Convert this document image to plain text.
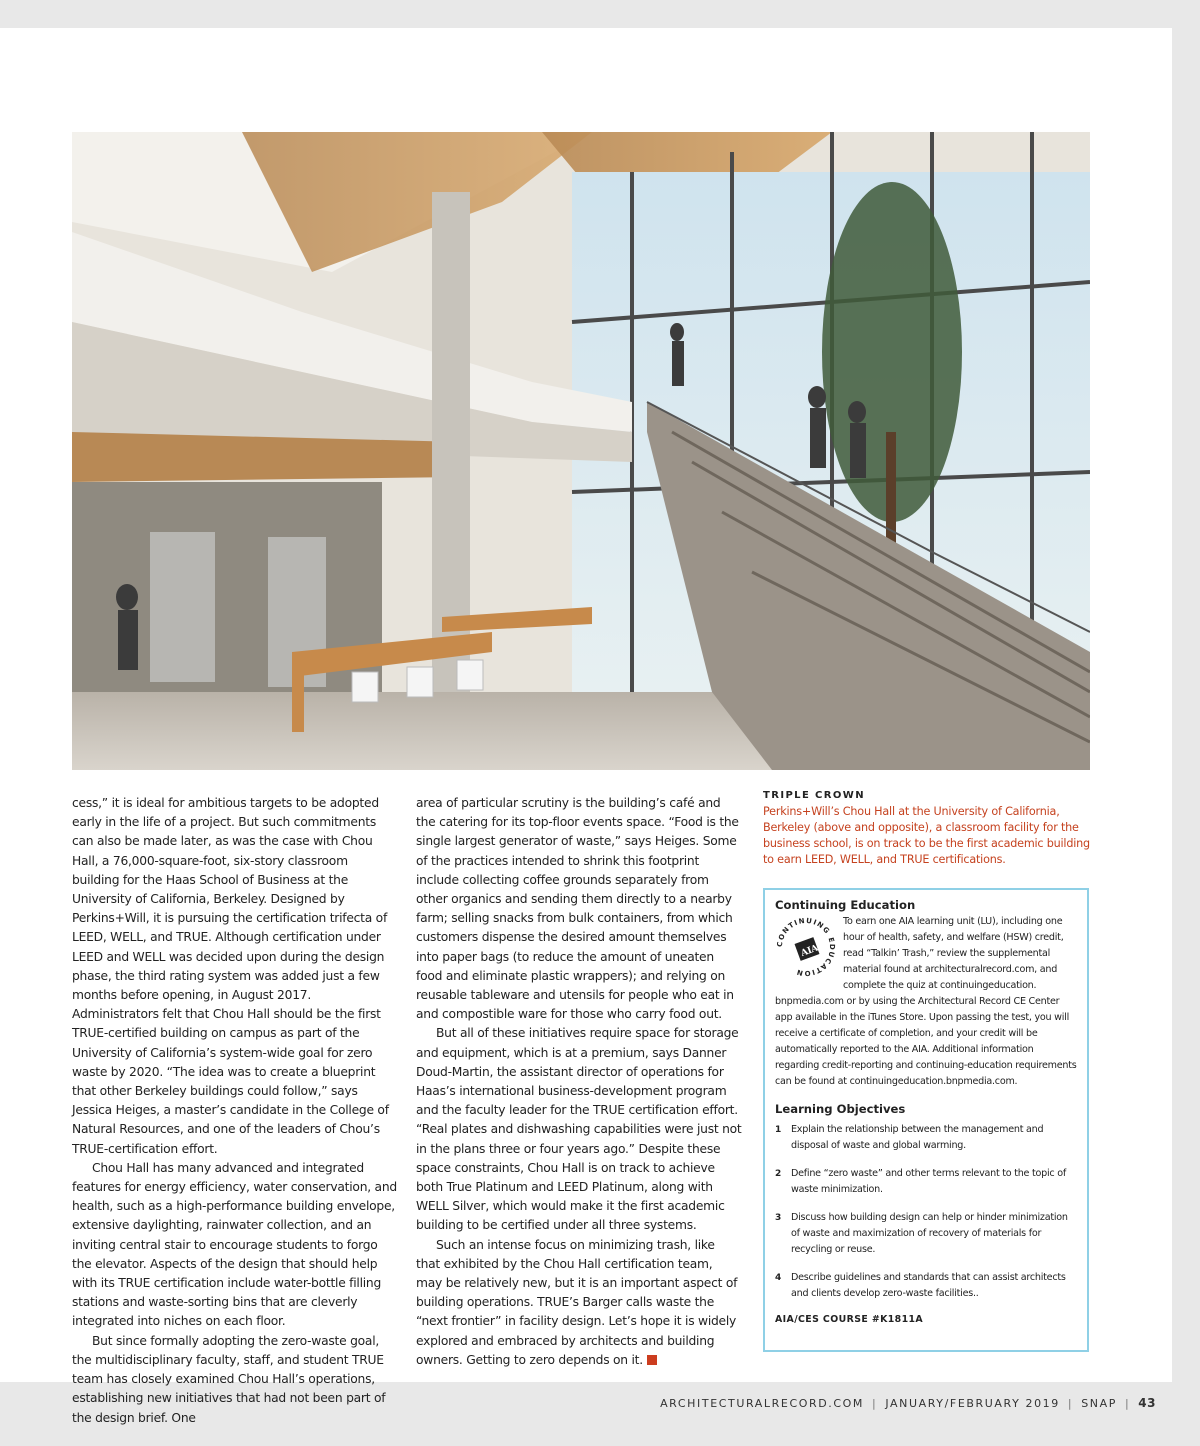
cess,” it is ideal for ambitious targets to be adopted early in the life of a project. But such commitments can also be made later, as was the case with Chou Hall, a 76,000-square-foot, six-story classroom building for the Haas School of Business at the University of California, Berkeley. Designed by Perkins+Will, it is pursuing the certification trifecta of LEED, WELL, and TRUE. Although certification under LEED and WELL was decided upon during the design phase, the third rating system was added just a few months before opening, in August 2017. Administrators felt that Chou Hall should be the first TRUE-certified building on campus as part of the University of California’s system-wide goal for zero waste by 2020. “The idea was to create a blueprint that other Berkeley buildings could follow,” says Jessica Heiges, a master’s candidate in the College of Natural Resources, and one of the leaders of Chou’s TRUE-certification effort.

Chou Hall has many advanced and integrated features for energy efficiency, water conservation, and health, such as a high-performance building envelope, extensive daylighting, rainwater collection, and an inviting central stair to encourage students to forgo the elevator. Aspects of the design that should help with its TRUE certification include water-bottle filling stations and waste-sorting bins that are cleverly integrated into niches on each floor.

But since formally adopting the zero-waste goal, the multidisciplinary faculty, staff, and student TRUE team has closely examined Chou Hall’s operations, establishing new initiatives that had not been part of the design brief. One

area of particular scrutiny is the building’s café and the catering for its top-floor events space. “Food is the single largest generator of waste,” says Heiges. Some of the practices intended to shrink this footprint include collecting coffee grounds separately from other organics and sending them directly to a nearby farm; selling snacks from bulk containers, from which customers dispense the desired amount themselves into paper bags (to reduce the amount of uneaten food and eliminate plastic wrappers); and relying on reusable tableware and utensils for people who eat in and compostible ware for those who carry food out.

But all of these initiatives require space for storage and equipment, which is at a premium, says Danner Doud-Martin, the assistant director of operations for Haas’s international business-development program and the faculty leader for the TRUE certification effort. “Real plates and dishwashing capabilities were just not in the plans three or four years ago.” Despite these space constraints, Chou Hall is on track to achieve both True Platinum and LEED Platinum, along with WELL Silver, which would make it the first academic building to be certified under all three systems.

Such an intense focus on minimizing trash, like that exhibited by the Chou Hall certification team, may be relatively new, but it is an important aspect of building operations. TRUE’s Barger calls waste the “next frontier” in facility design. Let’s hope it is widely explored and embraced by architects and building owners. Getting to zero depends on it.

TRIPLE CROWN
Perkins+Will’s Chou Hall at the University of California, Berkeley (above and opposite), a classroom facility for the business school, is on track to be the first academic building to earn LEED, WELL, and TRUE certifications.
Continuing Education
CONTINUING EDUCATION
AIA
To earn one AIA learning unit (LU), including one hour of health, safety, and welfare (HSW) credit, read “Talkin’ Trash,” review the supplemental material found at architecturalrecord.com, and complete the quiz at continuingeducation.
bnpmedia.com or by using the Architectural Record CE Center app available in the iTunes Store. Upon passing the test, you will receive a certificate of completion, and your credit will be automatically reported to the AIA. Additional information regarding credit-reporting and continuing-education requirements can be found at continuingeducation.bnpmedia.com.
Learning Objectives
1	Explain the relationship between the management and disposal of waste and global warming.
2	Define “zero waste” and other terms relevant to the topic of waste minimization.
3	Discuss how building design can help or hinder minimization of waste and maximization of recovery of materials for recycling or reuse.
4	Describe guidelines and standards that can assist architects and clients develop zero-waste facilities..
AIA/CES COURSE #K1811A
ARCHITECTURALRECORD.COM | JANUARY/FEBRUARY 2019 | SNAP | 43
